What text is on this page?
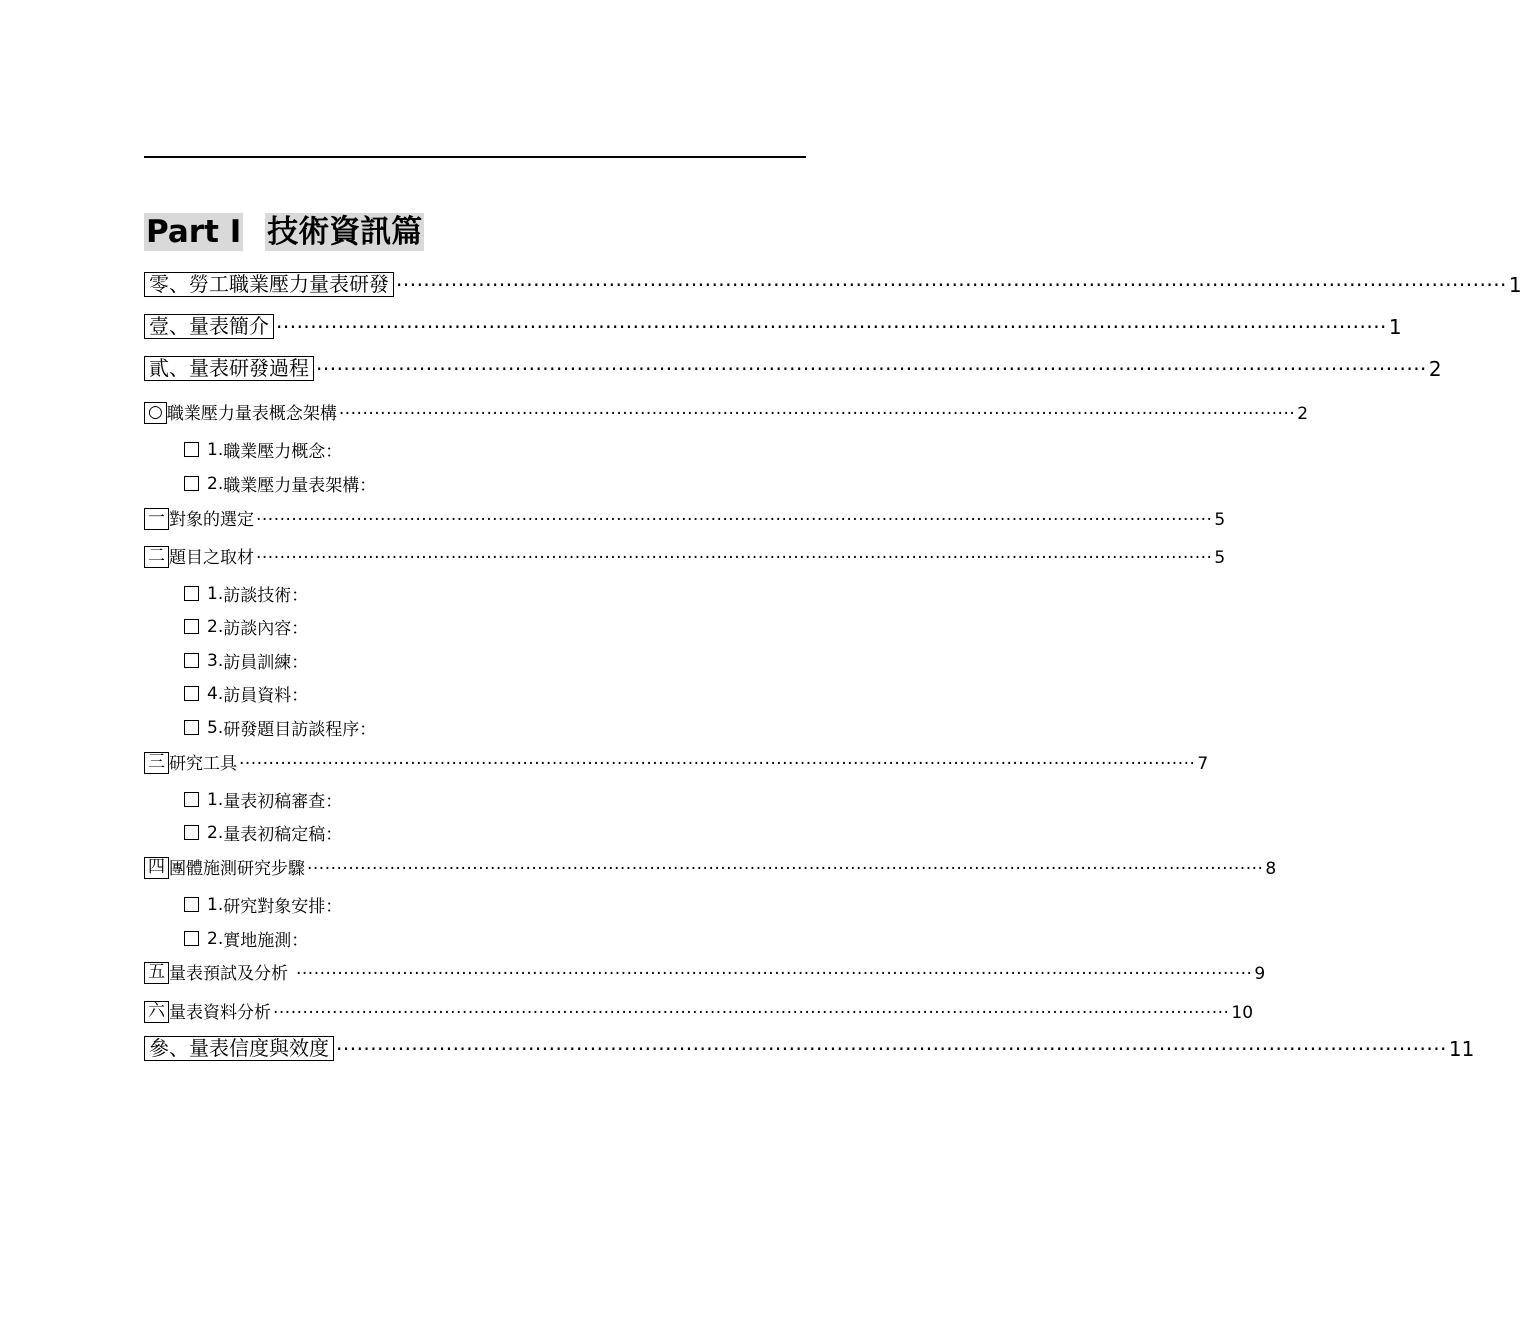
Part I 技術資訊篇
零、勞工職業壓力量表研發 ·································································································································································· 1
壹、量表簡介 ·································································································································································· 1
貳、量表研發過程 ·································································································································································· 2
○ 職業壓力量表概念架構 ·································································································································································· 2
1. 職業壓力概念：
2. 職業壓力量表架構：
一 對象的選定 ·································································································································································· 5
二 題目之取材 ·································································································································································· 5
1. 訪談技術：
2. 訪談內容：
3. 訪員訓練：
4. 訪員資料：
5. 研發題目訪談程序：
三 研究工具 ·································································································································································· 7
1. 量表初稿審查：
2. 量表初稿定稿：
四 團體施測研究步驟 ·································································································································································· 8
1. 研究對象安排：
2. 實地施測：
五 量表預試及分析 ·································································································································································· 9
六 量表資料分析 ·································································································································································· 10
參、量表信度與效度 ·································································································································································· 11
